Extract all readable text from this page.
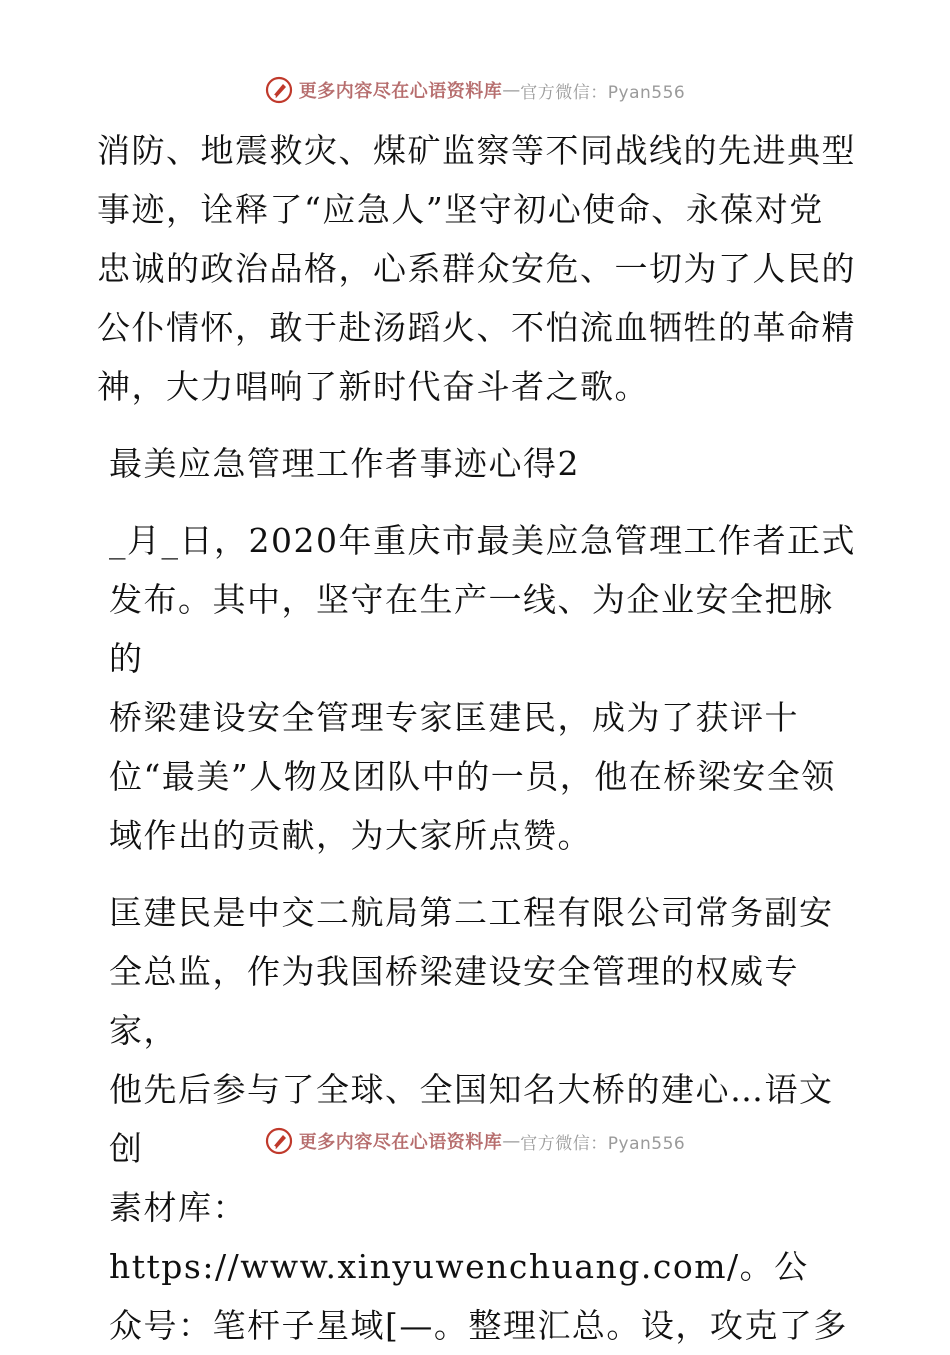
更多内容尽在心语资料库 — 官方微信：Pyan556

消防、地震救灾、煤矿监察等不同战线的先进典型
事迹，诠释了“应急人”坚守初心使命、永葆对党
忠诚的政治品格，心系群众安危、一切为了人民的
公仆情怀，敢于赴汤蹈火、不怕流血牺牲的革命精
神，大力唱响了新时代奋斗者之歌。

最美应急管理工作者事迹心得2

_月_日，2020年重庆市最美应急管理工作者正式
发布。其中，坚守在生产一线、为企业安全把脉的
桥梁建设安全管理专家匡建民，成为了获评十
位“最美”人物及团队中的一员，他在桥梁安全领
域作出的贡献，为大家所点赞。

匡建民是中交二航局第二工程有限公司常务副安
全总监，作为我国桥梁建设安全管理的权威专家，
他先后参与了全球、全国知名大桥的建心…语文创
素材库：https://www.xinyuwenchuang.com/。公
众号：笔杆子星域[—。整理汇总。设，攻克了多

更多内容尽在心语资料库 — 官方微信：Pyan556
